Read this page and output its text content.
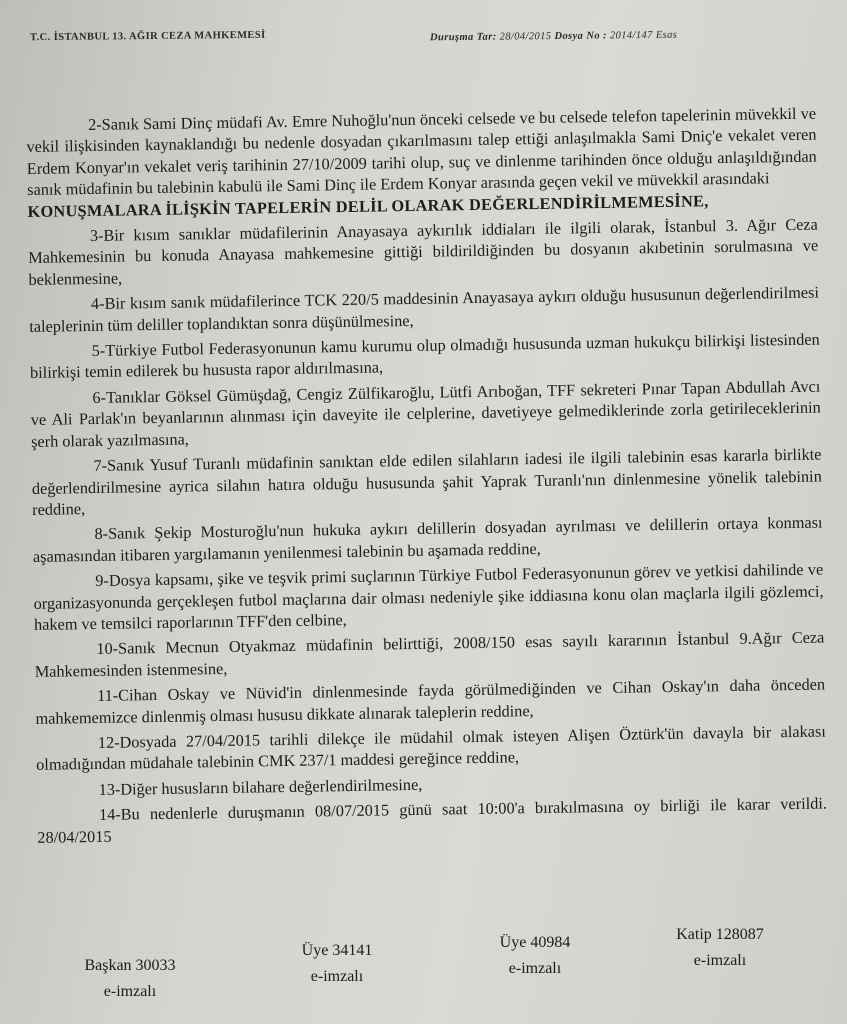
T.C. İSTANBUL 13. AĞIR CEZA MAHKEMESİ	Duruşma Tar: 28/04/2015 Dosya No : 2014/147 Esas

2-Sanık Sami Dinç müdafi Av. Emre Nuhoğlu'nun önceki celsede ve bu celsede telefon tapelerinin müvekkil ve vekil ilişkisinden kaynaklandığı bu nedenle dosyadan çıkarılmasını talep ettiği anlaşılmakla Sami Dniç'e vekalet veren Erdem Konyar'ın vekalet veriş tarihinin 27/10/2009 tarihi olup, suç ve dinlenme tarihinden önce olduğu anlaşıldığından sanık müdafinin bu talebinin kabulü ile Sami Dinç ile Erdem Konyar arasında geçen vekil ve müvekkil arasındaki

KONUŞMALARA İLİŞKİN TAPELERİN DELİL OLARAK DEĞERLENDİRİLMEMESİNE,

3-Bir kısım sanıklar müdafilerinin Anayasaya aykırılık iddiaları ile ilgili olarak, İstanbul 3. Ağır Ceza Mahkemesinin bu konuda Anayasa mahkemesine gittiği bildirildiğinden bu dosyanın akıbetinin sorulmasına ve beklenmesine,

4-Bir kısım sanık müdafilerince TCK 220/5 maddesinin Anayasaya aykırı olduğu hususunun değerlendirilmesi taleplerinin tüm deliller toplandıktan sonra düşünülmesine,

5-Türkiye Futbol Federasyonunun kamu kurumu olup olmadığı hususunda uzman hukukçu bilirkişi listesinden bilirkişi temin edilerek bu hususta rapor aldırılmasına,

6-Tanıklar Göksel Gümüşdağ, Cengiz Zülfikaroğlu, Lütfi Arıboğan, TFF sekreteri Pınar Tapan Abdullah Avcı ve Ali Parlak'ın beyanlarının alınması için daveyite ile celplerine, davetiyeye gelmediklerinde zorla getirileceklerinin şerh olarak yazılmasına,

7-Sanık Yusuf Turanlı müdafinin sanıktan elde edilen silahların iadesi ile ilgili talebinin esas kararla birlikte değerlendirilmesine ayrica silahın hatıra olduğu hususunda şahit Yaprak Turanlı'nın dinlenmesine yönelik talebinin reddine,

8-Sanık Şekip Mosturoğlu'nun hukuka aykırı delillerin dosyadan ayrılması ve delillerin ortaya konması aşamasından itibaren yargılamanın yenilenmesi talebinin bu aşamada reddine,

9-Dosya kapsamı, şike ve teşvik primi suçlarının Türkiye Futbol Federasyonunun görev ve yetkisi dahilinde ve organizasyonunda gerçekleşen futbol maçlarına dair olması nedeniyle şike iddiasına konu olan maçlarla ilgili gözlemci, hakem ve temsilci raporlarının TFF'den celbine,

10-Sanık Mecnun Otyakmaz müdafinin belirttiği, 2008/150 esas sayılı kararının İstanbul 9.Ağır Ceza Mahkemesinden istenmesine,

11-Cihan Oskay ve Nüvid'in dinlenmesinde fayda görülmediğinden ve Cihan Oskay'ın daha önceden mahkememizce dinlenmiş olması hususu dikkate alınarak taleplerin reddine,

12-Dosyada 27/04/2015 tarihli dilekçe ile müdahil olmak isteyen Alişen Öztürk'ün davayla bir alakası olmadığından müdahale talebinin CMK 237/1 maddesi gereğince reddine,

13-Diğer hususların bilahare değerlendirilmesine,

14-Bu nedenlerle duruşmanın 08/07/2015 günü saat 10:00'a bırakılmasına oy birliği ile karar verildi. 28/04/2015

Başkan 30033
e-imzalı
Üye 34141
e-imzalı
Üye 40984
e-imzalı
Katip 128087
e-imzalı
